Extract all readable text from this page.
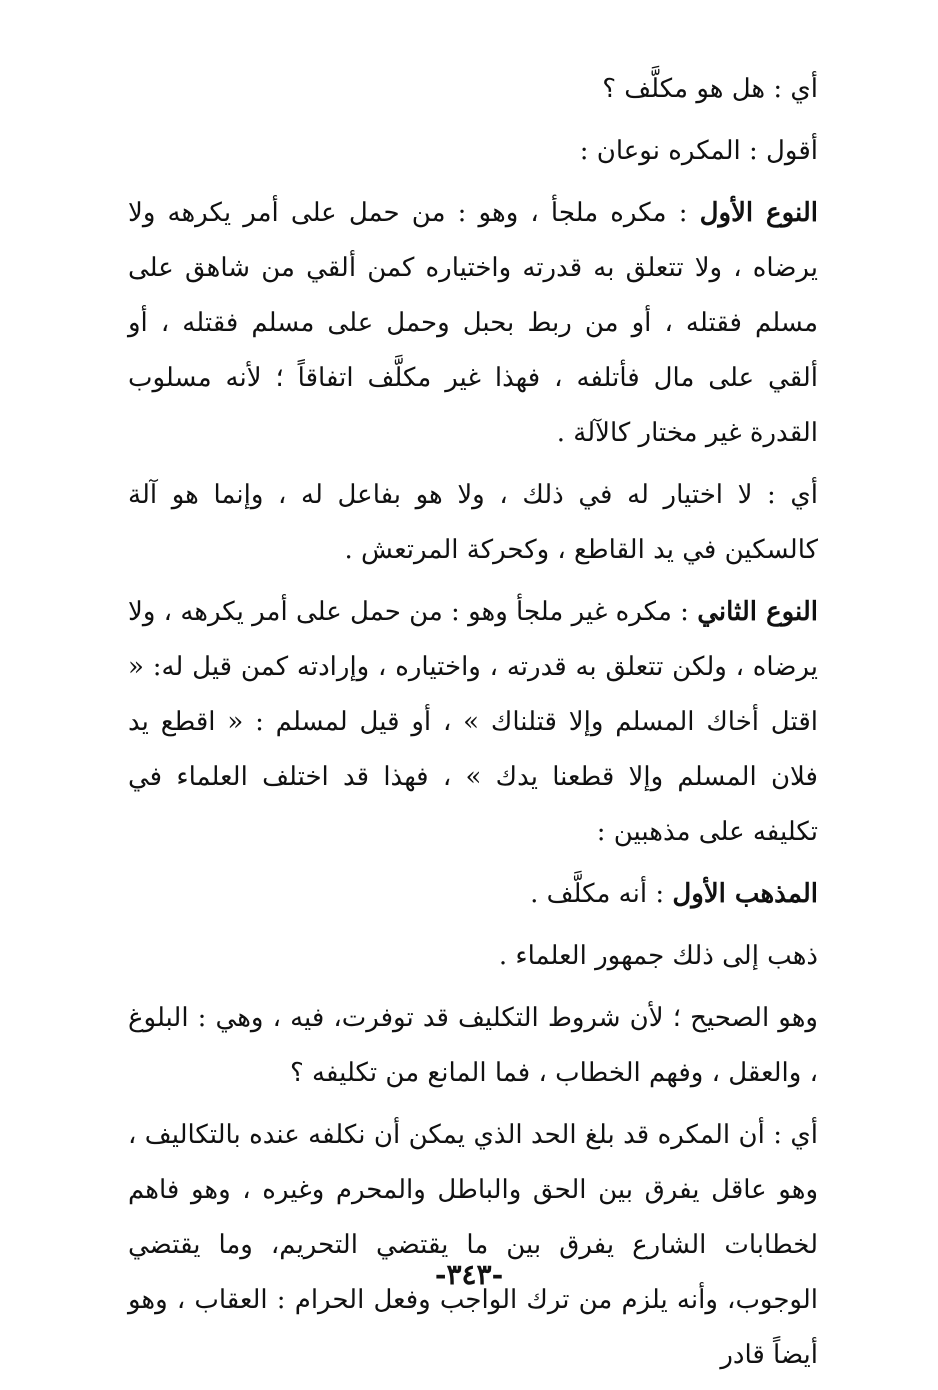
أي : هل هو مكلَّف ؟

أقول : المكره نوعان :

النوع الأول : مكره ملجأ ، وهو : من حمل على أمر يكرهه ولا يرضاه ، ولا تتعلق به قدرته واختياره كمن ألقي من شاهق على مسلم فقتله ، أو من ربط بحبل وحمل على مسلم فقتله ، أو ألقي على مال فأتلفه ، فهذا غير مكلَّف اتفاقاً ؛ لأنه مسلوب القدرة غير مختار كالآلة .

أي : لا اختيار له في ذلك ، ولا هو بفاعل له ، وإنما هو آلة كالسكين في يد القاطع ، وكحركة المرتعش .

النوع الثاني : مكره غير ملجأ وهو : من حمل على أمر يكرهه ، ولا يرضاه ، ولكن تتعلق به قدرته ، واختياره ، وإرادته كمن قيل له: « اقتل أخاك المسلم وإلا قتلناك » ، أو قيل لمسلم : « اقطع يد فلان المسلم وإلا قطعنا يدك » ، فهذا قد اختلف العلماء في تكليفه على مذهبين :

المذهب الأول : أنه مكلَّف .

ذهب إلى ذلك جمهور العلماء .

وهو الصحيح ؛ لأن شروط التكليف قد توفرت، فيه ، وهي : البلوغ ، والعقل ، وفهم الخطاب ، فما المانع من تكليفه ؟

أي : أن المكره قد بلغ الحد الذي يمكن أن نكلفه عنده بالتكاليف ، وهو عاقل يفرق بين الحق والباطل والمحرم وغيره ، وهو فاهم لخطابات الشارع يفرق بين ما يقتضي التحريم، وما يقتضي الوجوب، وأنه يلزم من ترك الواجب وفعل الحرام : العقاب ، وهو أيضاً قادر

-٣٤٣-
